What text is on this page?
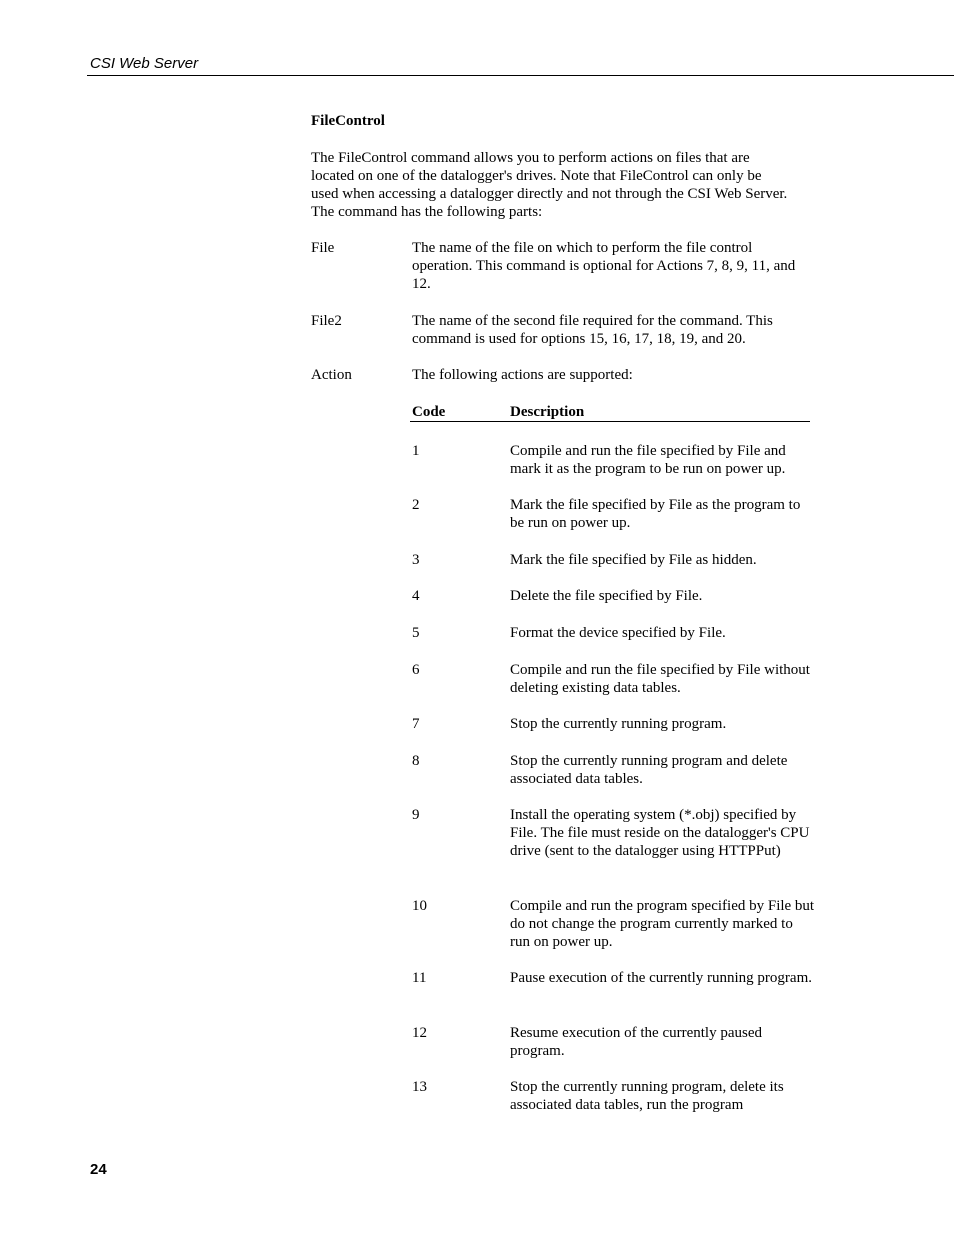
CSI Web Server
FileControl
The FileControl command allows you to perform actions on files that are located on one of the datalogger's drives. Note that FileControl can only be used when accessing a datalogger directly and not through the CSI Web Server. The command has the following parts:
File	The name of the file on which to perform the file control operation. This command is optional for Actions 7, 8, 9, 11, and 12.
File2	The name of the second file required for the command. This command is used for options 15, 16, 17, 18, 19, and 20.
Action	The following actions are supported:
Code	Description
1	Compile and run the file specified by File and mark it as the program to be run on power up.
2	Mark the file specified by File as the program to be run on power up.
3	Mark the file specified by File as hidden.
4	Delete the file specified by File.
5	Format the device specified by File.
6	Compile and run the file specified by File without deleting existing data tables.
7	Stop the currently running program.
8	Stop the currently running program and delete associated data tables.
9	Install the operating system (*.obj) specified by File. The file must reside on the datalogger's CPU drive (sent to the datalogger using HTTPPut)
10	Compile and run the program specified by File but do not change the program currently marked to run on power up.
11	Pause execution of the currently running program.
12	Resume execution of the currently paused program.
13	Stop the currently running program, delete its associated data tables, run the program
24
